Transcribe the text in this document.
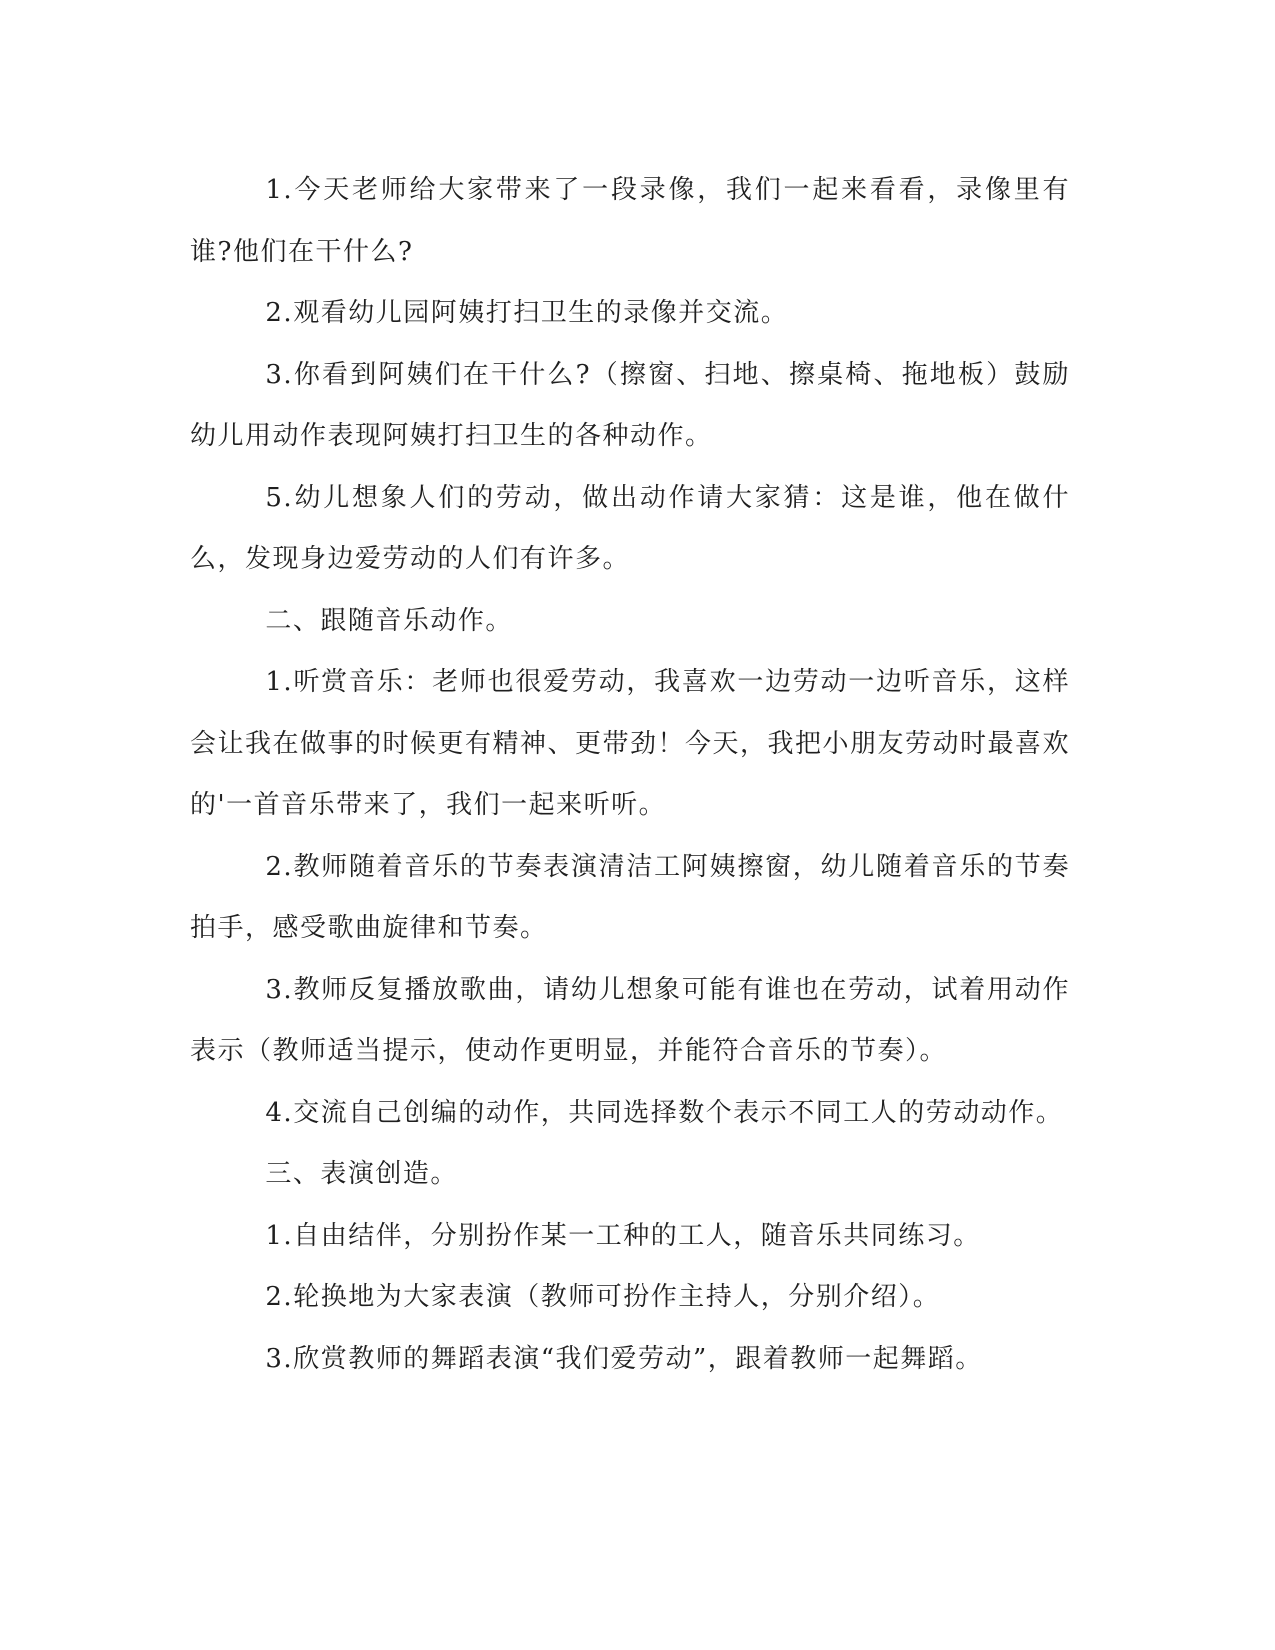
1.今天老师给大家带来了一段录像，我们一起来看看，录像里有谁?他们在干什么?

2.观看幼儿园阿姨打扫卫生的录像并交流。

3.你看到阿姨们在干什么?（擦窗、扫地、擦桌椅、拖地板）鼓励幼儿用动作表现阿姨打扫卫生的各种动作。

5.幼儿想象人们的劳动，做出动作请大家猜：这是谁，他在做什么，发现身边爱劳动的人们有许多。

二、跟随音乐动作。

1.听赏音乐：老师也很爱劳动，我喜欢一边劳动一边听音乐，这样会让我在做事的时候更有精神、更带劲！今天，我把小朋友劳动时最喜欢的'一首音乐带来了，我们一起来听听。

2.教师随着音乐的节奏表演清洁工阿姨擦窗，幼儿随着音乐的节奏拍手，感受歌曲旋律和节奏。

3.教师反复播放歌曲，请幼儿想象可能有谁也在劳动，试着用动作表示（教师适当提示，使动作更明显，并能符合音乐的节奏）。

4.交流自己创编的动作，共同选择数个表示不同工人的劳动动作。

三、表演创造。

1.自由结伴，分别扮作某一工种的工人，随音乐共同练习。

2.轮换地为大家表演（教师可扮作主持人，分别介绍）。

3.欣赏教师的舞蹈表演“我们爱劳动”，跟着教师一起舞蹈。
